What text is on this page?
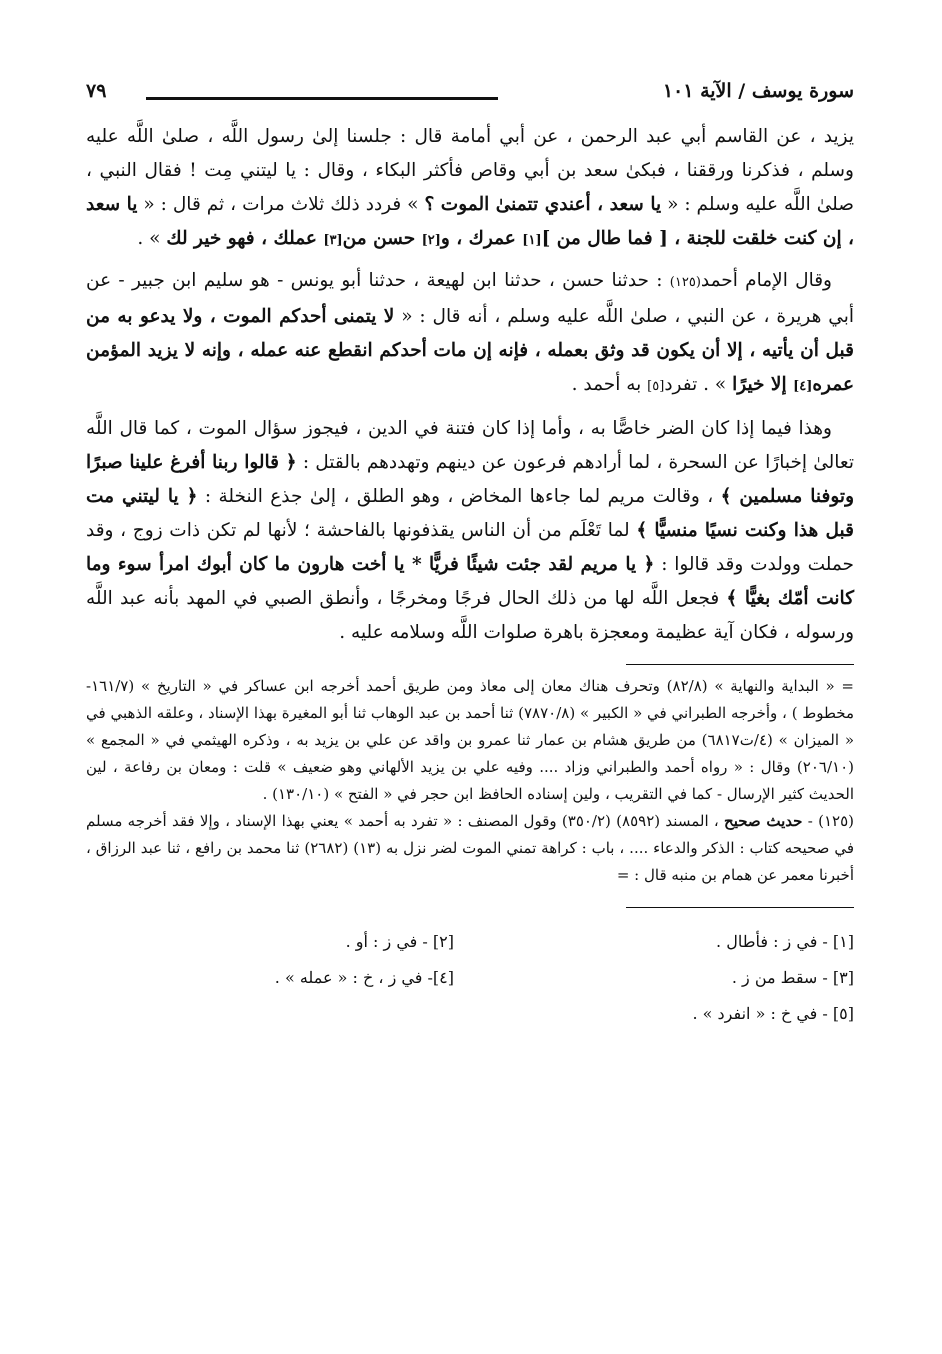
سورة يوسف / الآية ١٠١
٧٩

يزيد ، عن القاسم أبي عبد الرحمن ، عن أبي أمامة قال : جلسنا إلىٰ رسول اللَّه ، صلىٰ اللَّه عليه وسلم ، فذكرنا ورققنا ، فبكىٰ سعد بن أبي وقاص فأكثر البكاء ، وقال : يا ليتني مِت ! فقال النبي ، صلىٰ اللَّه عليه وسلم : « يا سعد ، أعندي تتمنىٰ الموت ؟ » فردد ذلك ثلاث مرات ، ثم قال : « يا سعد ، إن كنت خلقت للجنة ، [ فما طال من ][١] عمرك ، و[٢] حسن من[٣] عملك ، فهو خير لك » .

وقال الإمام أحمد(١٢٥) : حدثنا حسن ، حدثنا ابن لهيعة ، حدثنا أبو يونس - هو سليم ابن جبير - عن أبي هريرة ، عن النبي ، صلىٰ اللَّه عليه وسلم ، أنه قال : « لا يتمنى أحدكم الموت ، ولا يدعو به من قبل أن يأتيه ، إلا أن يكون قد وثق بعمله ، فإنه إن مات أحدكم انقطع عنه عمله ، وإنه لا يزيد المؤمن عمره[٤] إلا خيرًا » . تفرد[٥] به أحمد .

وهذا فيما إذا كان الضر خاصًّا به ، وأما إذا كان فتنة في الدين ، فيجوز سؤال الموت ، كما قال اللَّه تعالىٰ إخبارًا عن السحرة ، لما أرادهم فرعون عن دينهم وتهددهم بالقتل : ﴿ قالوا ربنا أفرغ علينا صبرًا وتوفنا مسلمين ﴾ ، وقالت مريم لما جاءها المخاض ، وهو الطلق ، إلىٰ جذع النخلة : ﴿ يا ليتني مت قبل هذا وكنت نسيًا منسيًّا ﴾ لما تَعْلَم من أن الناس يقذفونها بالفاحشة ؛ لأنها لم تكن ذات زوج ، وقد حملت وولدت وقد قالوا : ﴿ يا مريم لقد جئت شيئًا فريًّا * يا أخت هارون ما كان أبوك امرأ سوء وما كانت أمّك بغيًّا ﴾ فجعل اللَّه لها من ذلك الحال فرجًا ومخرجًا ، وأنطق الصبي في المهد بأنه عبد اللَّه ورسوله ، فكان آية عظيمة ومعجزة باهرة صلوات اللَّه وسلامه عليه .

= « البداية والنهاية » (٨٢/٨) وتحرف هناك معان إلى معاذ ومن طريق أحمد أخرجه ابن عساكر في « التاريخ » (١٦١/٧- مخطوط ) ، وأخرجه الطبراني في « الكبير » (٧٨٧٠/٨) ثنا أحمد بن عبد الوهاب ثنا أبو المغيرة بهذا الإسناد ، وعلقه الذهبي في « الميزان » (٤/ت٦٨١٧) من طريق هشام بن عمار ثنا عمرو بن واقد عن علي بن يزيد به ، وذكره الهيثمي في « المجمع » (٢٠٦/١٠) وقال : « رواه أحمد والطبراني وزاد .... وفيه علي بن يزيد الألهاني وهو ضعيف » قلت : ومعان بن رفاعة ، لين الحديث كثير الإرسال - كما في التقريب ، ولين إسناده الحافظ ابن حجر في « الفتح » (١٣٠/١٠) .

(١٢٥) - حديث صحيح ، المسند (٨٥٩٢) (٣٥٠/٢) وقول المصنف : « تفرد به أحمد » يعني بهذا الإسناد ، وإلا فقد أخرجه مسلم في صحيحه كتاب : الذكر والدعاء .... ، باب : كراهة تمني الموت لضر نزل به (١٣) (٢٦٨٢) ثنا محمد بن رافع ، ثنا عبد الرزاق ، أخبرنا معمر عن همام بن منبه قال : =

[١] - في ز : فأطال .
[٢] - في ز : أو .
[٣] - سقط من ز .
[٤]- في ز ، خ : « عمله » .
[٥] - في خ : « انفرد » .
